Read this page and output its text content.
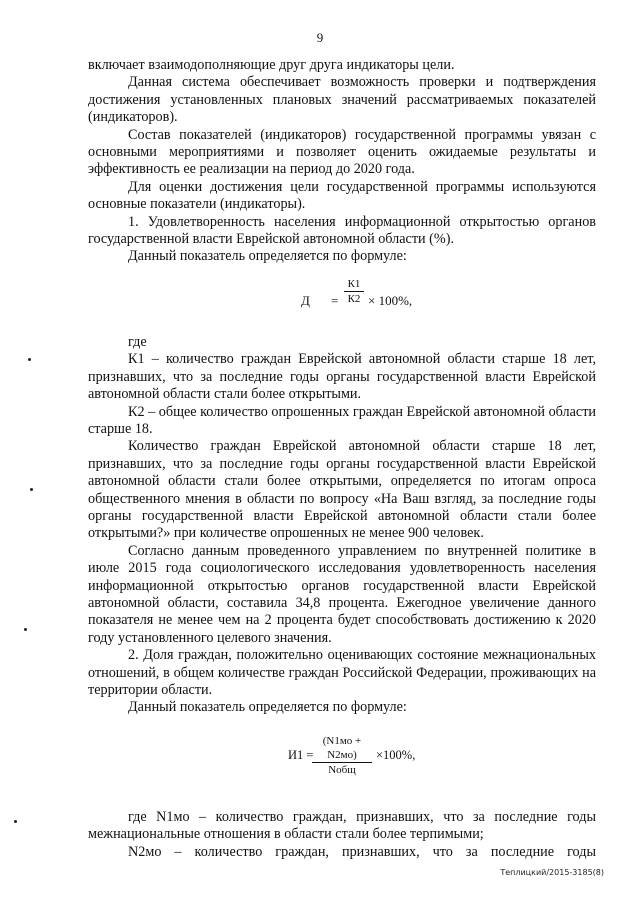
9

включает взаимодополняющие друг друга индикаторы цели.

Данная система обеспечивает возможность проверки и подтверждения достижения установленных плановых значений рассматриваемых показателей (индикаторов).

Состав показателей (индикаторов) государственной программы увязан с основными мероприятиями и позволяет оценить ожидаемые результаты и эффективность ее реализации на период до 2020 года.

Для оценки достижения цели государственной программы используются основные показатели (индикаторы).

1. Удовлетворенность населения информационной открытостью органов государственной власти Еврейской автономной области (%).

Данный показатель определяется по формуле:

Д =
К1
К2 × 100%,

где

К1 – количество граждан Еврейской автономной области старше 18 лет, признавших, что за последние годы органы государственной власти Еврейской автономной области стали более открытыми.

К2 – общее количество опрошенных граждан Еврейской автономной области старше 18.

Количество граждан Еврейской автономной области старше 18 лет, признавших, что за последние годы органы государственной власти Еврейской автономной области стали более открытыми, определяется по итогам опроса общественного мнения в области по вопросу «На Ваш взгляд, за последние годы органы государственной власти Еврейской автономной области стали более открытыми?» при количестве опрошенных не менее 900 человек.

Согласно данным проведенного управлением по внутренней политике в июле 2015 года социологического исследования удовлетворенность населения информационной открытостью органов государственной власти Еврейской автономной области, составила 34,8 процента. Ежегодное увеличение данного показателя не менее чем на 2 процента будет способствовать достижению к 2020 году установленного целевого значения.

2. Доля граждан, положительно оценивающих состояние межнациональных отношений, в общем количестве граждан Российской Федерации, проживающих на территории области.

Данный показатель определяется по формуле:

И1 =
(N1мо + N2мо)
Nобщ
×100%,

где N1мо – количество граждан, признавших, что за последние годы межнациональные отношения в области стали более терпимыми;

N2мо – количество граждан, признавших, что за последние годы

Теплицкий/2015-3185(8)
